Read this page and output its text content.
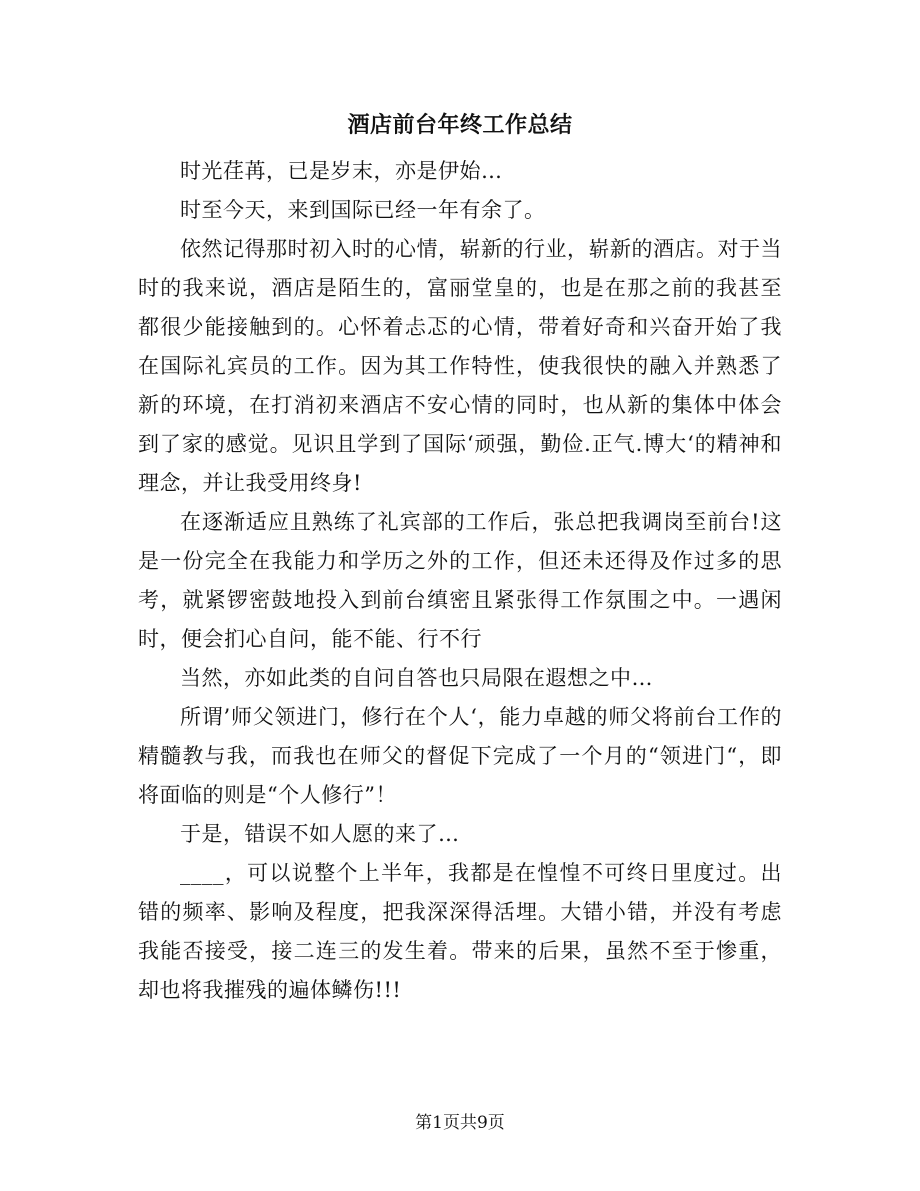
酒店前台年终工作总结

时光荏苒，已是岁末，亦是伊始…

时至今天，来到国际已经一年有余了。

依然记得那时初入时的心情，崭新的行业，崭新的酒店。对于当时的我来说，酒店是陌生的，富丽堂皇的，也是在那之前的我甚至都很少能接触到的。心怀着忐忑的心情，带着好奇和兴奋开始了我在国际礼宾员的工作。因为其工作特性，使我很快的融入并熟悉了新的环境，在打消初来酒店不安心情的同时，也从新的集体中体会到了家的感觉。见识且学到了国际‘顽强，勤俭.正气.博大‘的精神和理念，并让我受用终身!

在逐渐适应且熟练了礼宾部的工作后，张总把我调岗至前台!这是一份完全在我能力和学历之外的工作，但还未还得及作过多的思考，就紧锣密鼓地投入到前台缜密且紧张得工作氛围之中。一遇闲时，便会扪心自问，能不能、行不行

当然，亦如此类的自问自答也只局限在遐想之中…

所谓’师父领进门，修行在个人‘，能力卓越的师父将前台工作的精髓教与我，而我也在师父的督促下完成了一个月的“领进门“，即将面临的则是“个人修行”！

于是，错误不如人愿的来了…

____，可以说整个上半年，我都是在惶惶不可终日里度过。出错的频率、影响及程度，把我深深得活埋。大错小错，并没有考虑我能否接受，接二连三的发生着。带来的后果，虽然不至于惨重，却也将我摧残的遍体鳞伤!!!

第1页共9页
